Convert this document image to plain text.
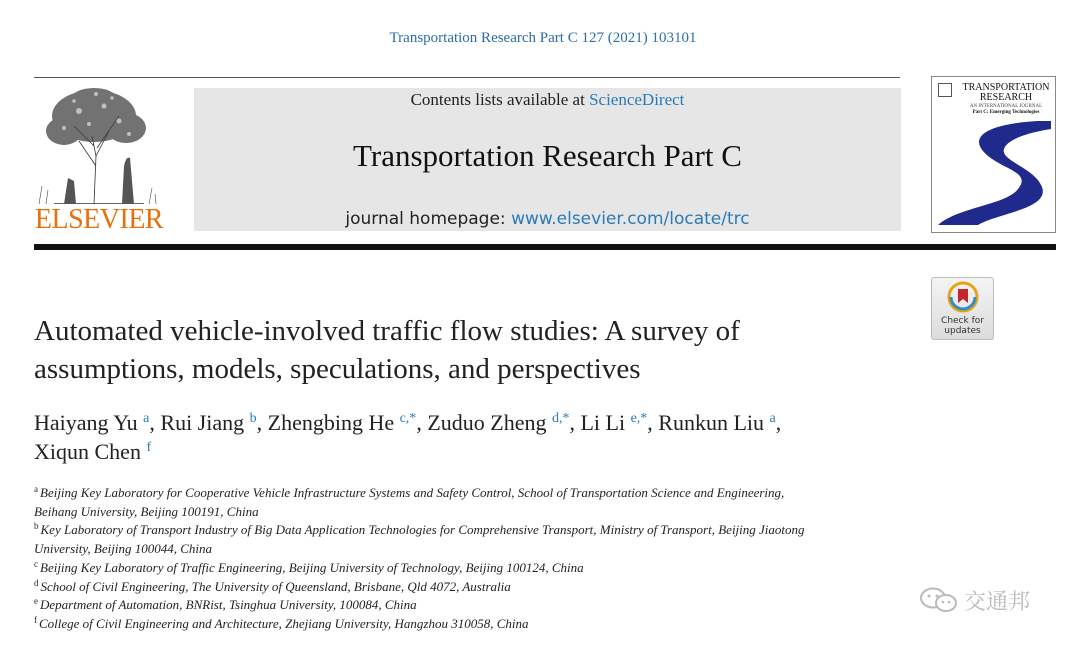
Transportation Research Part C 127 (2021) 103101
ELSEVIER
Contents lists available at ScienceDirect
Transportation Research Part C
journal homepage: www.elsevier.com/locate/trc
TRANSPORTATION
RESEARCH
AN INTERNATIONAL JOURNAL
Part C: Emerging Technologies
Check for
updates
Automated vehicle-involved traffic flow studies: A survey of
assumptions, models, speculations, and perspectives
Haiyang Yu $^a$, Rui Jiang $^b$, Zhengbing He $^{c,*}$, Zuduo Zheng $^{d,*}$, Li Li $^{e,*}$, Runkun Liu $^a$,
Xiqun Chen $^f$
$^a$ Beijing Key Laboratory for Cooperative Vehicle Infrastructure Systems and Safety Control, School of Transportation Science and Engineering,
Beihang University, Beijing 100191, China
$^b$ Key Laboratory of Transport Industry of Big Data Application Technologies for Comprehensive Transport, Ministry of Transport, Beijing Jiaotong
University, Beijing 100044, China
$^c$ Beijing Key Laboratory of Traffic Engineering, Beijing University of Technology, Beijing 100124, China
$^d$ School of Civil Engineering, The University of Queensland, Brisbane, Qld 4072, Australia
$^e$ Department of Automation, BNRist, Tsinghua University, 100084, China
$^f$ College of Civil Engineering and Architecture, Zhejiang University, Hangzhou 310058, China
交通邦
